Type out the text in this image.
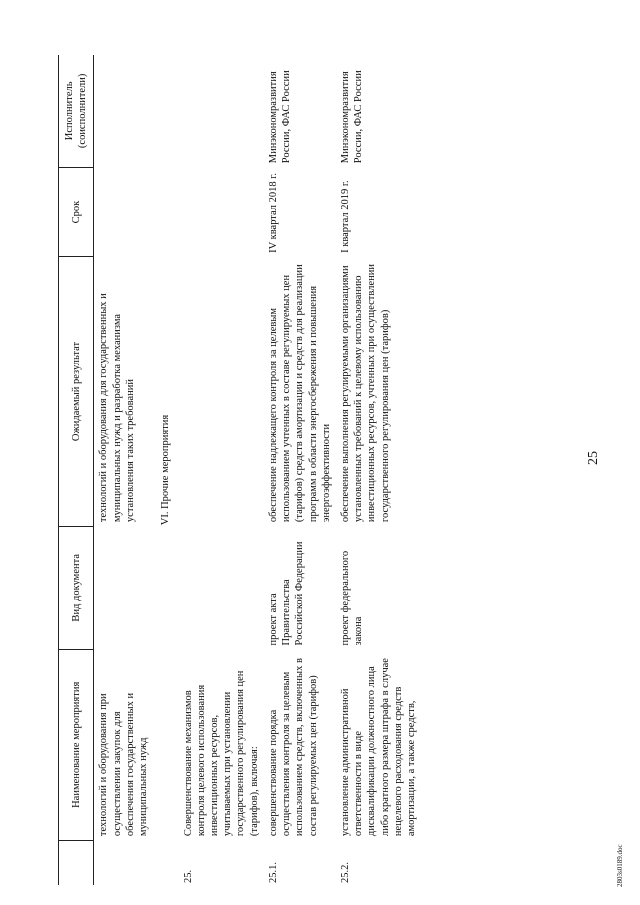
25
	Наименование мероприятия	Вид документа	Ожидаемый результат	Срок	Исполнитель (соисполнители)
	технологий и оборудования при осуществлении закупок для обеспечения государственных и муниципальных нужд		технологий и оборудования для государственных и муниципальных нужд и разработка механизма установления таких требований		
VI. Прочие мероприятия					
25.	Совершенствование механизмов контроля целевого использования инвестиционных ресурсов, учитываемых при установлении государственного регулирования цен (тарифов), включая:				
25.1.	совершенствование порядка осуществления контроля за целевым использованием средств, включенных в состав регулируемых цен (тарифов)	проект акта Правительства Российской Федерации	обеспечение надлежащего контроля за целевым использованием учтенных в составе регулируемых цен (тарифов) средств амортизации и средств для реализации программ в области энергосбережения и повышения энергоэффективности	IV квартал 2018 г.	Минэкономразвития России, ФАС России
25.2.	установление административной ответственности в виде дисквалификации должностного лица либо кратного размера штрафа в случае нецелевого расходования средств амортизации, а также средств,	проект федерального закона	обеспечение выполнения регулируемыми организациями установленных требований к целевому использованию инвестиционных ресурсов, учтенных при осуществлении государственного регулирования цен (тарифов)	I квартал 2019 г.	Минэкономразвития России, ФАС России
2803s0189.doc
